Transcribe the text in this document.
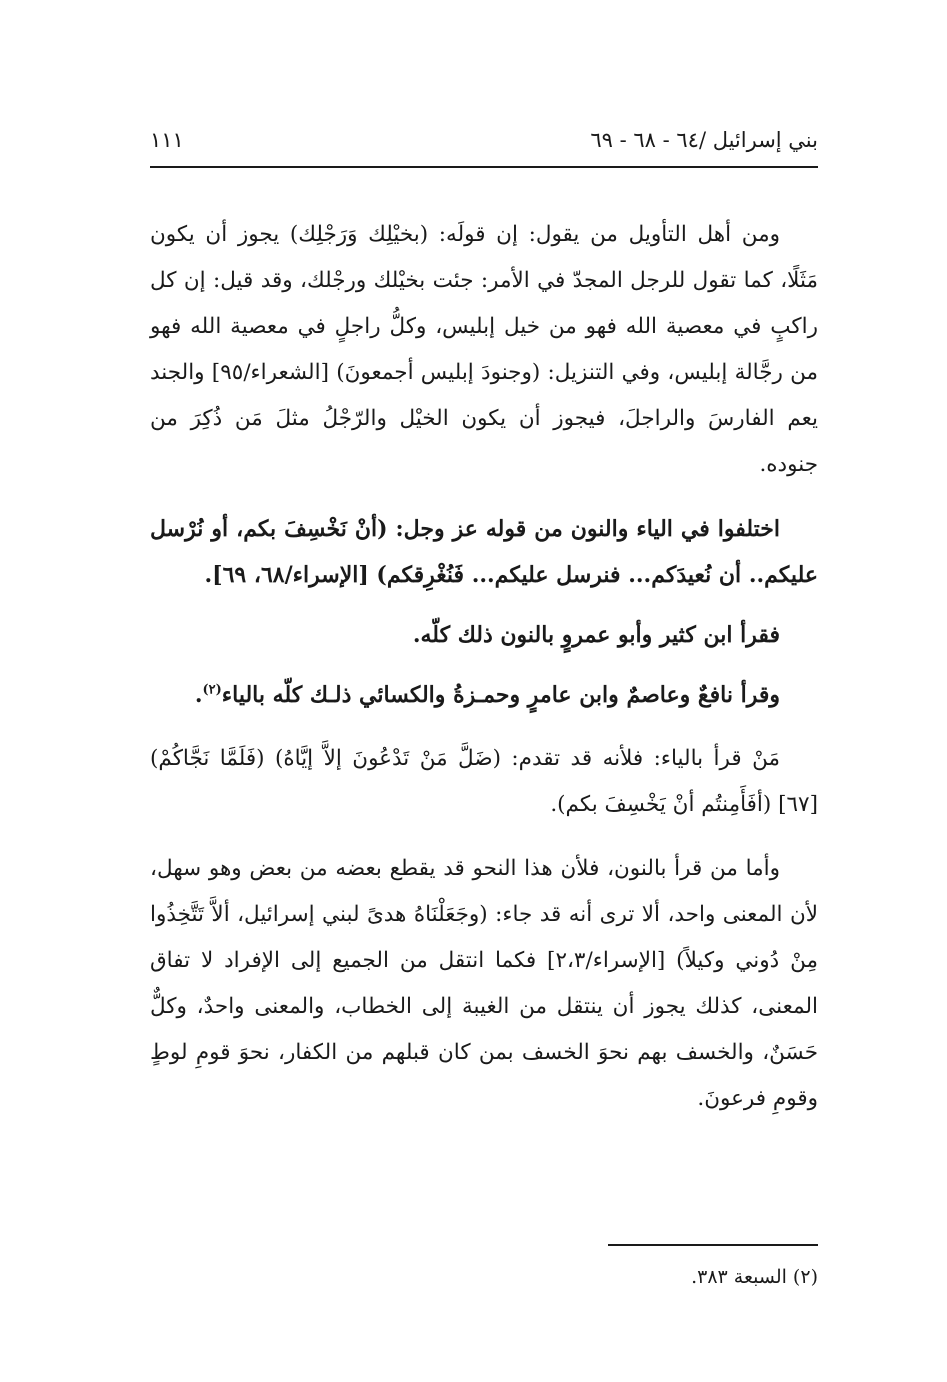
بني إسرائيل /٦٤ - ٦٨ - ٦٩
١١١

ومن أهل التأويل من يقول: إن قولَه: (بخيْلِك وَرَجْلِك) يجوز أن يكون مَثَلًا، كما تقول للرجل المجدّ في الأمر: جئت بخيْلك ورجْلك، وقد قيل: إن كل راكبٍ في معصية الله فهو من خيل إبليس، وكلُّ راجلٍ في معصية الله فهو من رجَّالة إبليس، وفي التنزيل: (وجنودَ إبليس أجمعونَ) [الشعراء/٩٥] والجند يعم الفارسَ والراجلَ، فيجوز أن يكون الخيْل والرّجْلُ مثلَ مَن ذُكِرَ من جنوده.

اختلفوا في الياء والنون من قوله عز وجل: (أنْ نَخْسِفَ بكم، أو نُرْسل عليكم.. أن نُعيدَكم... فنرسل عليكم... فَنُغْرِقكم) [الإسراء/٦٨، ٦٩].

فقرأ ابن كثير وأبو عمروٍ بالنون ذلك كلّه.

وقرأ نافعٌ وعاصمٌ وابن عامرٍ وحمـزةُ والكسائي ذلـك كلّه بالياء$^{(٢)}$.

مَنْ قرأ بالياء: فلأنه قد تقدم: (ضَلَّ مَنْ تَدْعُونَ إلاَّ إيَّاهُ) (فَلَمَّا نَجَّاكُمْ) [٦٧] (أفَأَمِنتُم أنْ يَخْسِفَ بكم).

وأما من قرأ بالنون، فلأن هذا النحو قد يقطع بعضه من بعض وهو سهل، لأن المعنى واحد، ألا ترى أنه قد جاء: (وجَعَلْنَاهُ هدىً لبني إسرائيل، ألاَّ تَتَّخِذُوا مِنْ دُوني وكيلاً) [الإسراء/٢،٣] فكما انتقل من الجميع إلى الإفراد لا تفاق المعنى، كذلك يجوز أن ينتقل من الغيبة إلى الخطاب، والمعنى واحدٌ، وكلٌّ حَسَنٌ، والخسف بهم نحوَ الخسف بمن كان قبلهم من الكفار، نحوَ قومِ لوطٍ وقومِ فرعونَ.

(٢) السبعة ٣٨٣.
